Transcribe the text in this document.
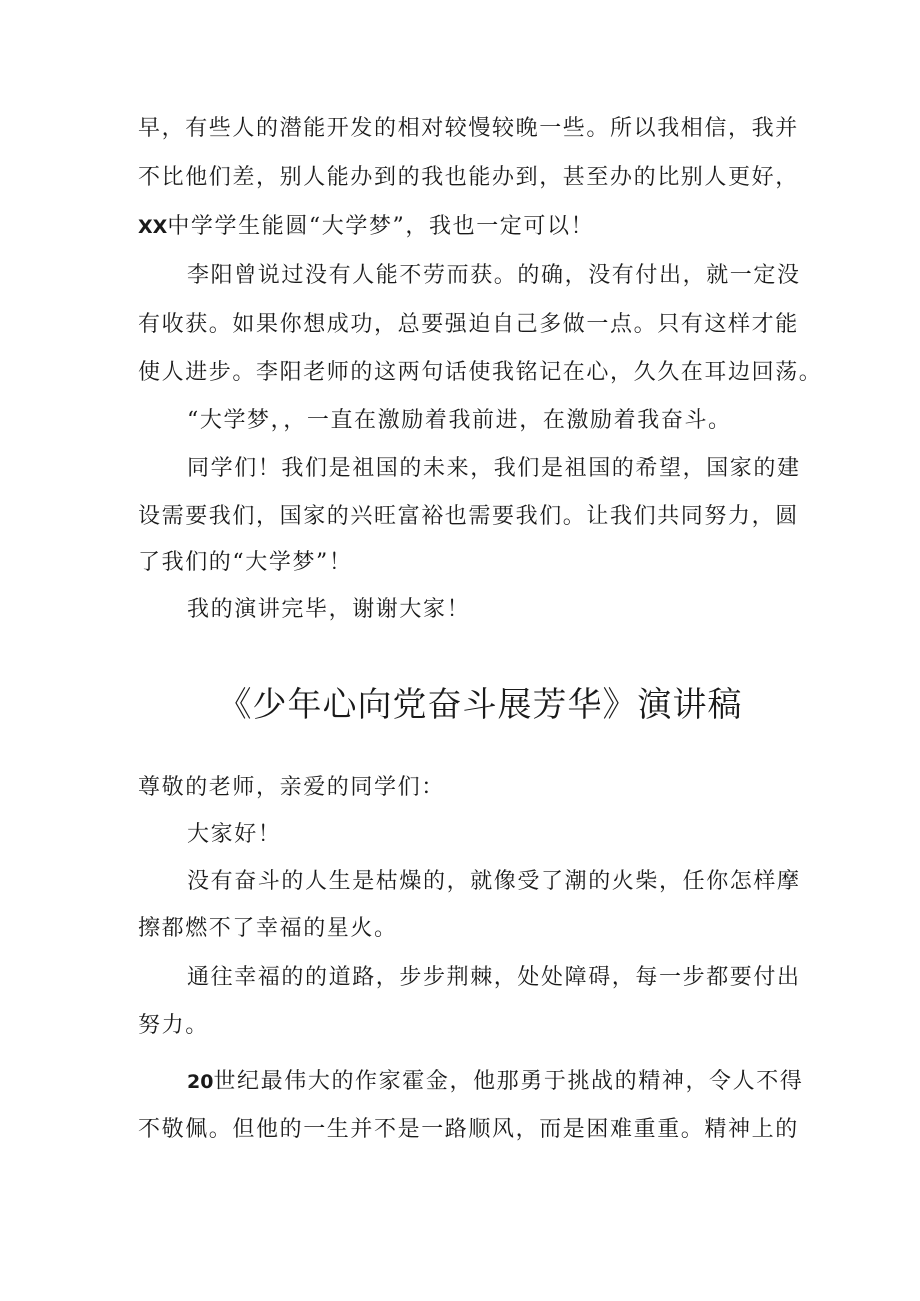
早，有些人的潜能开发的相对较慢较晚一些。所以我相信，我并
不比他们差，别人能办到的我也能办到，甚至办的比别人更好，
XX中学学生能圆“大学梦”，我也一定可以！
李阳曾说过没有人能不劳而获。的确，没有付出，就一定没
有收获。如果你想成功，总要强迫自己多做一点。只有这样才能
使人进步。李阳老师的这两句话使我铭记在心，久久在耳边回荡。
“大学梦，，一直在激励着我前进，在激励着我奋斗。
同学们！我们是祖国的未来，我们是祖国的希望，国家的建
设需要我们，国家的兴旺富裕也需要我们。让我们共同努力，圆
了我们的“大学梦”！
我的演讲完毕，谢谢大家！
《少年心向党奋斗展芳华》演讲稿
尊敬的老师，亲爱的同学们：
大家好！
没有奋斗的人生是枯燥的，就像受了潮的火柴，任你怎样摩
擦都燃不了幸福的星火。
通往幸福的的道路，步步荆棘，处处障碍，每一步都要付出
努力。
20世纪最伟大的作家霍金，他那勇于挑战的精神，令人不得
不敬佩。但他的一生并不是一路顺风，而是困难重重。精神上的
